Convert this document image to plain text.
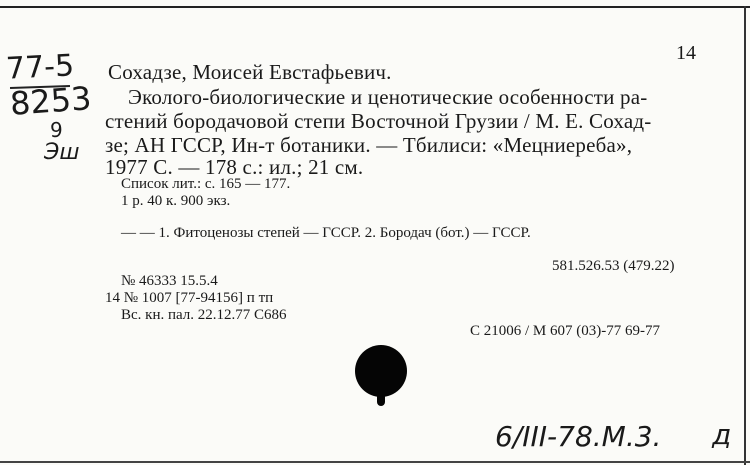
14
77-5
8253
9
Эш
Сохадзе, Моисей Евстафьевич.
Эколого-биологические и ценотические особенности ра-
стений бородачовой степи Восточной Грузии / М. Е. Сохад-
зе; АН ГССР, Ин-т ботаники. — Тбилиси: «Мецниереба»,
1977 С. — 178 с.: ил.; 21 см.
Список лит.: с. 165 — 177.
1 р. 40 к. 900 экз.
— — 1. Фитоценозы степей — ГССР. 2. Бородач (бот.) — ГССР.
581.526.53 (479.22)
№ 46333 15.5.4
14 № 1007 [77-94156] п тп
Вс. кн. пал. 22.12.77 С686
С 21006 / М 607 (03)-77 69-77
6/III-78.M.3. д
